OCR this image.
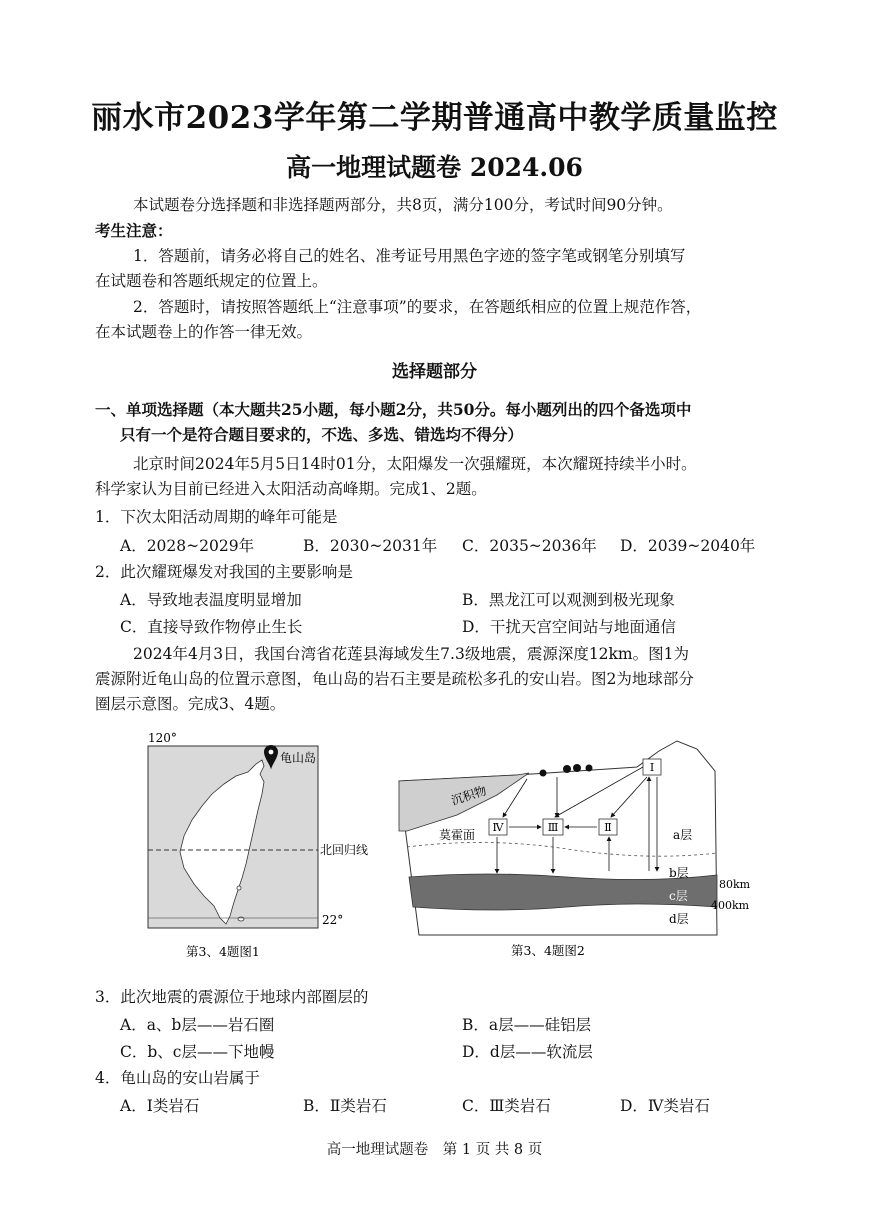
丽水市2023学年第二学期普通高中教学质量监控
高一地理试题卷 2024.06
本试题卷分选择题和非选择题两部分，共8页，满分100分，考试时间90分钟。
考生注意：
1．答题前，请务必将自己的姓名、准考证号用黑色字迹的签字笔或钢笔分别填写
在试题卷和答题纸规定的位置上。
2．答题时，请按照答题纸上“注意事项”的要求，在答题纸相应的位置上规范作答，
在本试题卷上的作答一律无效。
选择题部分
一、单项选择题（本大题共25小题，每小题2分，共50分。每小题列出的四个备选项中
只有一个是符合题目要求的，不选、多选、错选均不得分）
北京时间2024年5月5日14时01分，太阳爆发一次强耀斑，本次耀斑持续半小时。
科学家认为目前已经进入太阳活动高峰期。完成1、2题。
1．下次太阳活动周期的峰年可能是
A．2028~2029年	B．2030~2031年 C．2035~2036年 D．2039~2040年
2．此次耀斑爆发对我国的主要影响是
A．导致地表温度明显增加	B．黑龙江可以观测到极光现象
C．直接导致作物停止生长	D．干扰天宫空间站与地面通信
2024年4月3日，我国台湾省花莲县海域发生7.3级地震，震源深度12km。图1为
震源附近龟山岛的位置示意图，龟山岛的岩石主要是疏松多孔的安山岩。图2为地球部分
圈层示意图。完成3、4题。
120°
北回归线
22°
龟山岛
第3、4题图1
沉积物
莫霍面
Ⅳ	Ⅲ	Ⅱ
Ⅰ
a层
b层
c层
d层
80km
400km
第3、4题图2
3．此次地震的震源位于地球内部圈层的
A．a、b层——岩石圈	B．a层——硅铝层
C．b、c层——下地幔	D．d层——软流层
4．龟山岛的安山岩属于
A．Ⅰ类岩石	B．Ⅱ类岩石	C．Ⅲ类岩石	D．Ⅳ类岩石
高一地理试题卷　第 1 页 共 8 页
